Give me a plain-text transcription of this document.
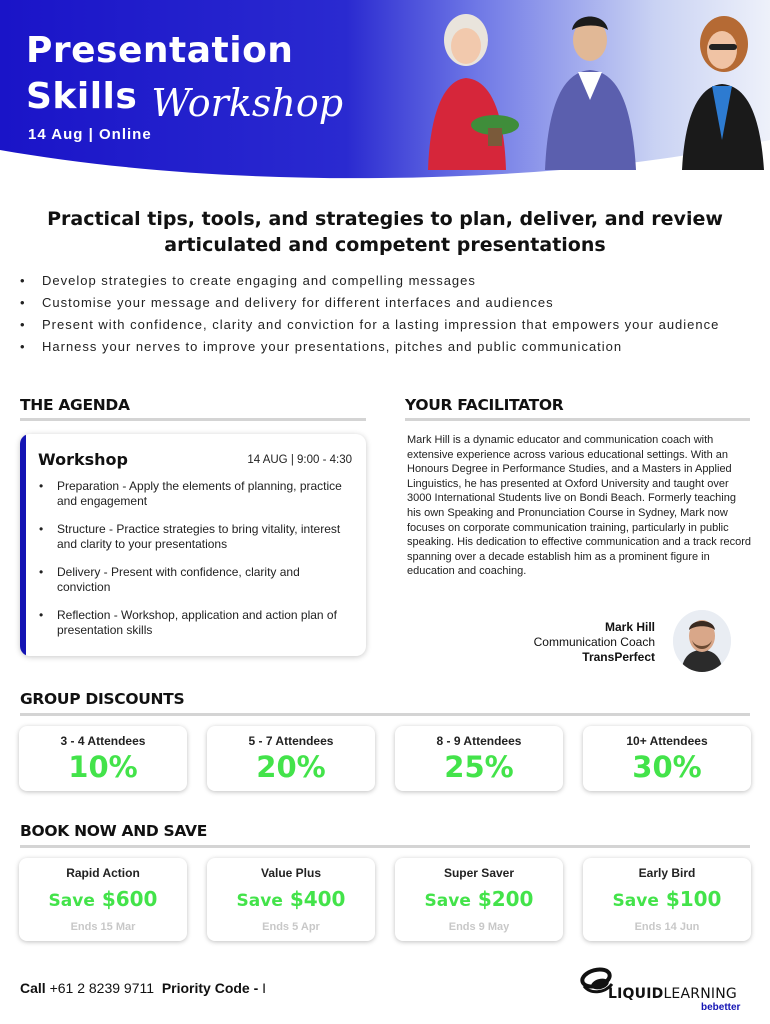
Presentation
Skills Workshop
14 Aug | Online
Practical tips, tools, and strategies to plan, deliver, and review articulated and competent presentations
• Develop strategies to create engaging and compelling messages
• Customise your message and delivery for different interfaces and audiences
• Present with confidence, clarity and conviction for a lasting impression that empowers your audience
• Harness your nerves to improve your presentations, pitches and public communication
THE AGENDA
Workshop	14 AUG | 9:00 - 4:30
• Preparation - Apply the elements of planning, practice and engagement
• Structure - Practice strategies to bring vitality, interest and clarity to your presentations
• Delivery - Present with confidence, clarity and conviction
• Reflection - Workshop, application and action plan of presentation skills
YOUR FACILITATOR
Mark Hill is a dynamic educator and communication coach with extensive experience across various educational settings. With an Honours Degree in Performance Studies, and a Masters in Applied Linguistics, he has presented at Oxford University and taught over 3000 International Students live on Bondi Beach. Formerly teaching his own Speaking and Pronunciation Course in Sydney, Mark now focuses on corporate communication training, particularly in public speaking. His dedication to effective communication and a track record spanning over a decade establish him as a prominent figure in education and coaching.
Mark Hill
Communication Coach
TransPerfect
GROUP DISCOUNTS
3 - 4 Attendees
10%
5 - 7 Attendees
20%
8 - 9 Attendees
25%
10+ Attendees
30%
BOOK NOW AND SAVE
Rapid Action
Save $600
Ends 15 Mar
Value Plus
Save $400
Ends 5 Apr
Super Saver
Save $200
Ends 9 May
Early Bird
Save $100
Ends 14 Jun
Call +61 2 8239 9711 Priority Code - I	LIQUIDLEARNING
bebetter
